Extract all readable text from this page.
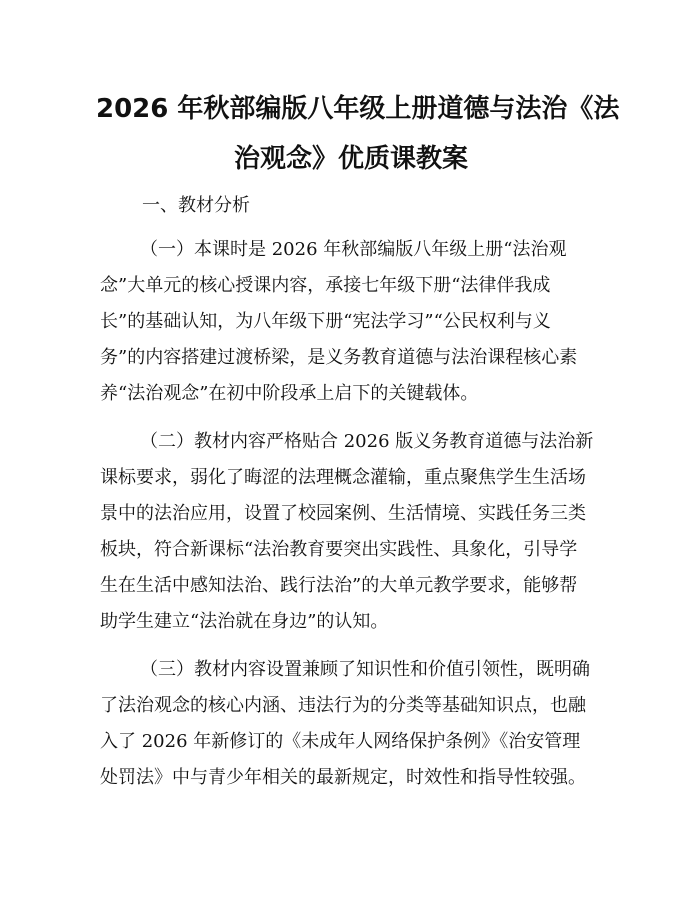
2026 年秋部编版八年级上册道德与法治《法
治观念》优质课教案
一、教材分析
（一）本课时是 2026 年秋部编版八年级上册“法治观
念”大单元的核心授课内容，承接七年级下册“法律伴我成
长”的基础认知，为八年级下册“宪法学习”“公民权利与义
务”的内容搭建过渡桥梁，是义务教育道德与法治课程核心素
养“法治观念”在初中阶段承上启下的关键载体。
（二）教材内容严格贴合 2026 版义务教育道德与法治新
课标要求，弱化了晦涩的法理概念灌输，重点聚焦学生生活场
景中的法治应用，设置了校园案例、生活情境、实践任务三类
板块，符合新课标“法治教育要突出实践性、具象化，引导学
生在生活中感知法治、践行法治”的大单元教学要求，能够帮
助学生建立“法治就在身边”的认知。
（三）教材内容设置兼顾了知识性和价值引领性，既明确
了法治观念的核心内涵、违法行为的分类等基础知识点，也融
入了 2026 年新修订的《未成年人网络保护条例》《治安管理
处罚法》中与青少年相关的最新规定，时效性和指导性较强。
